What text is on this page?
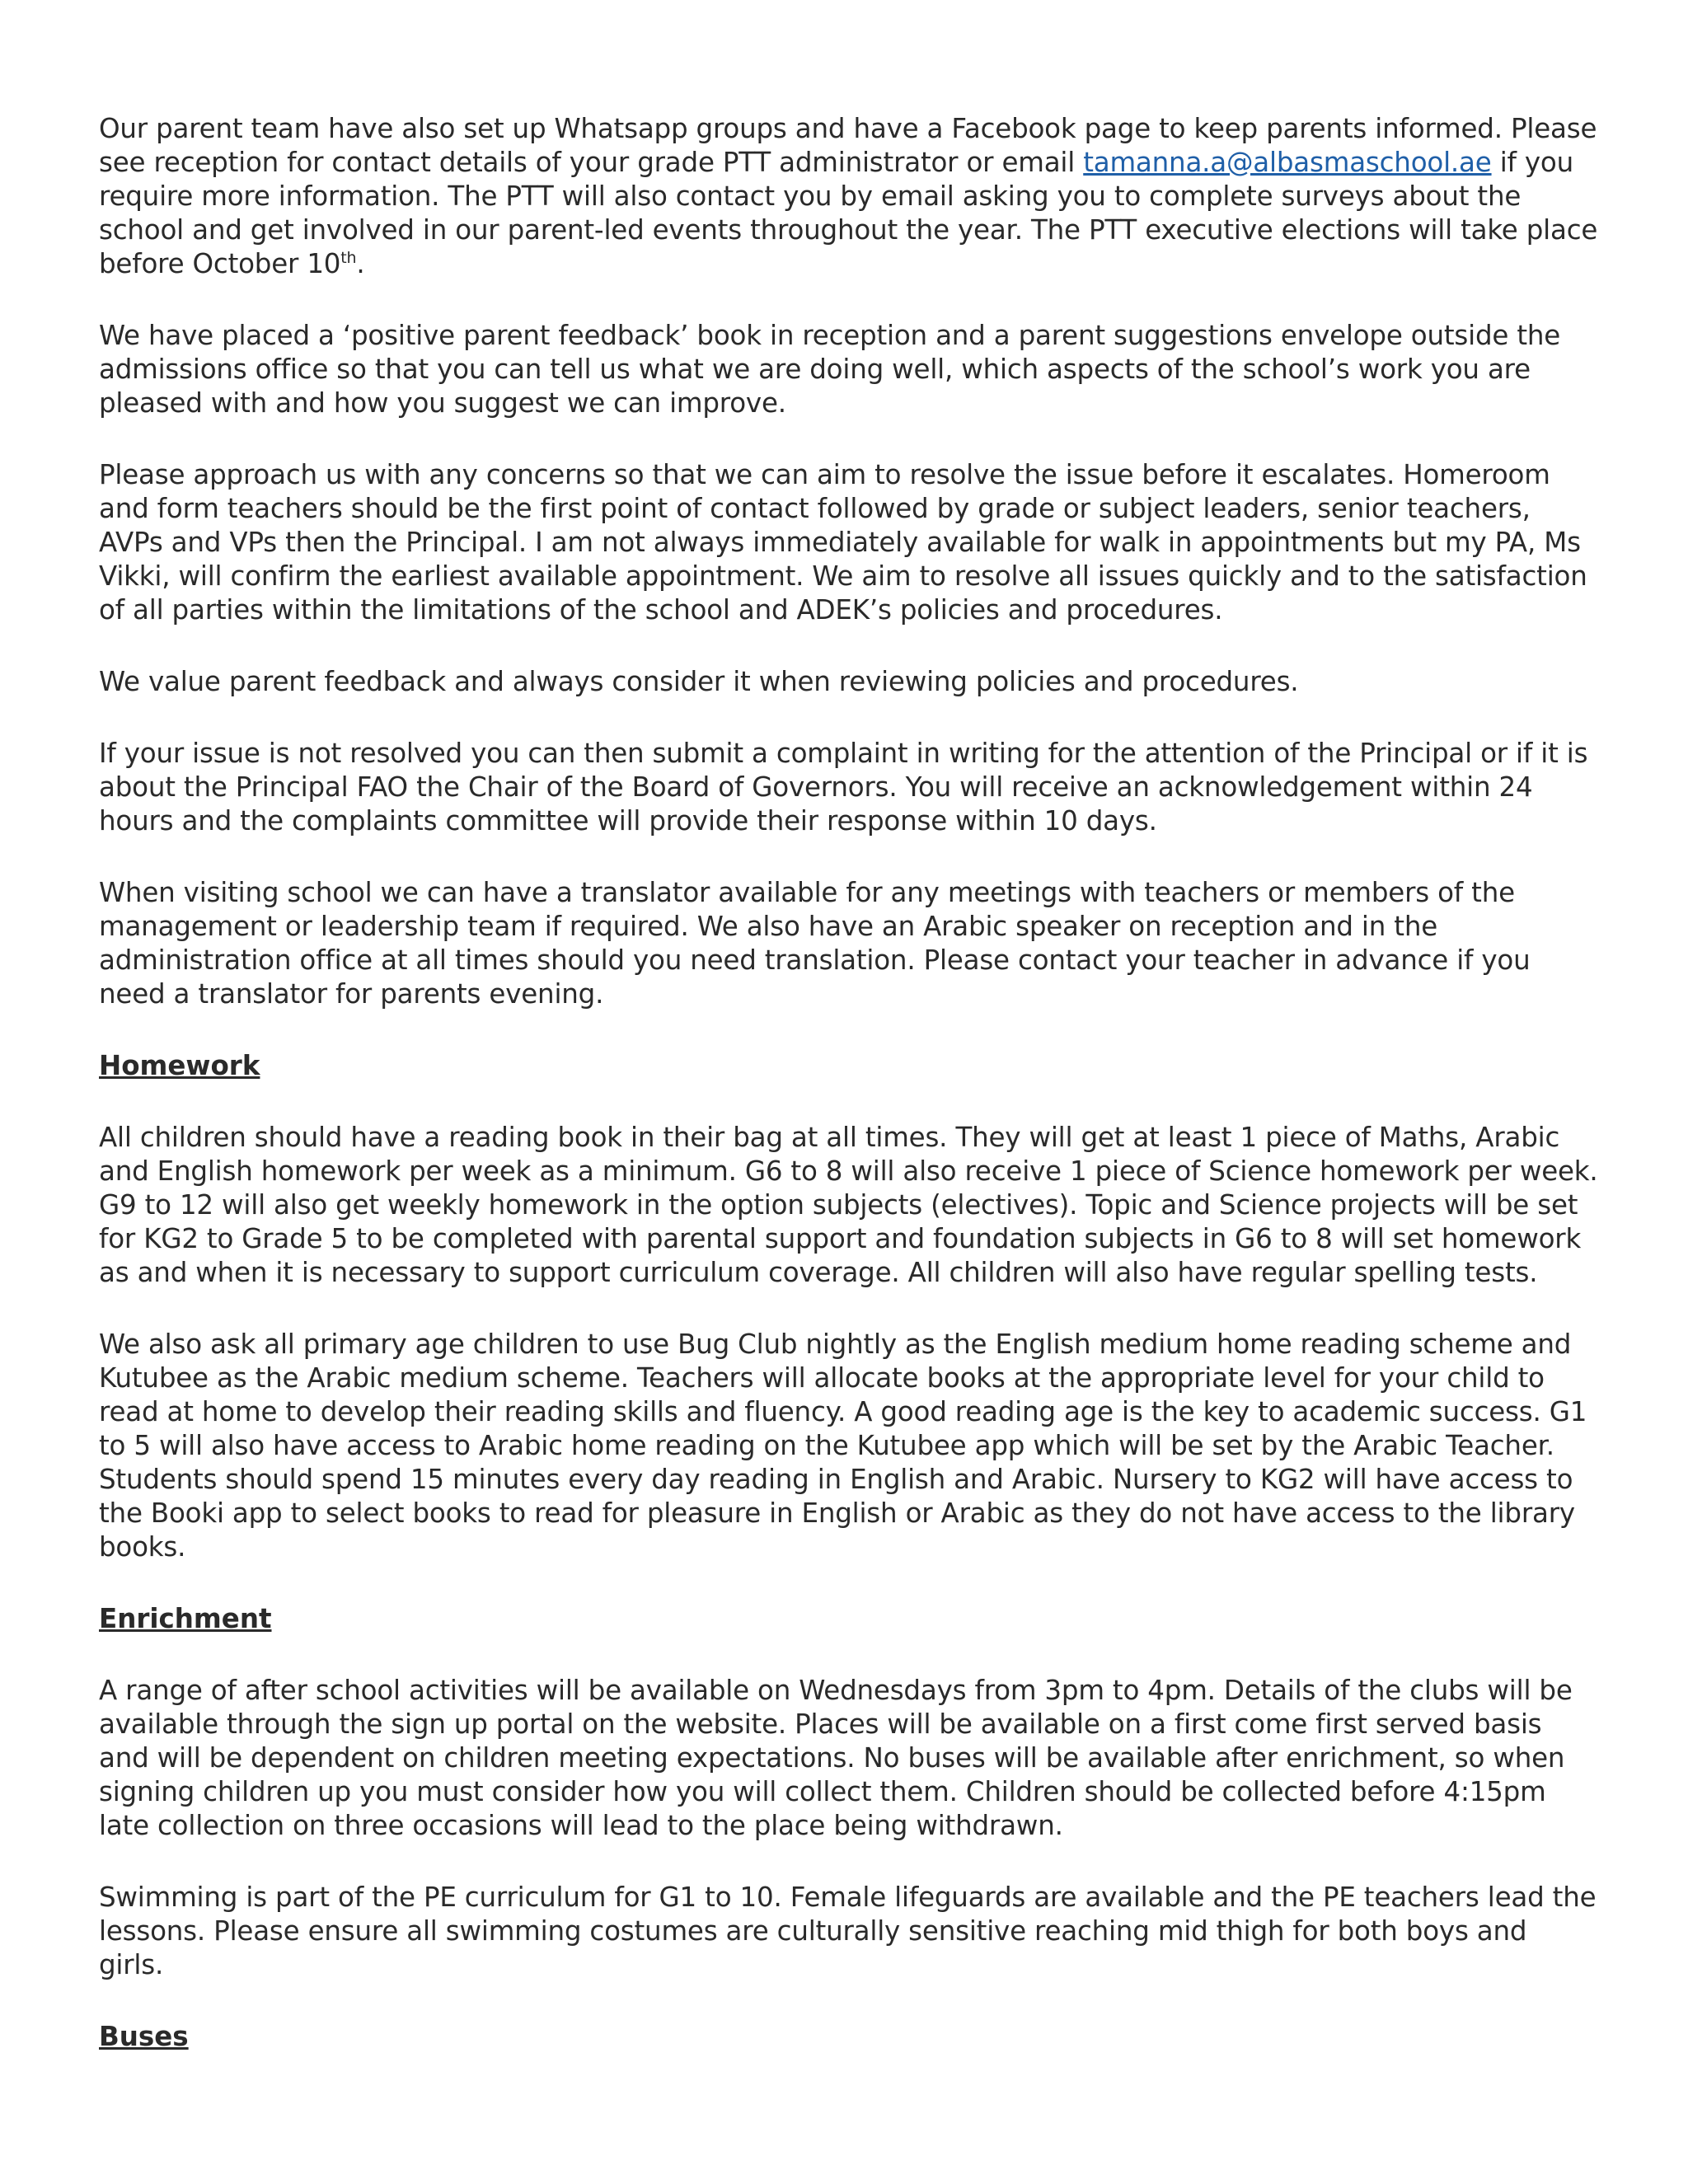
Our parent team have also set up Whatsapp groups and have a Facebook page to keep parents informed. Please see reception for contact details of your grade PTT administrator or email tamanna.a@albasmaschool.ae if you require more information. The PTT will also contact you by email asking you to complete surveys about the school and get involved in our parent-led events throughout the year. The PTT executive elections will take place before October 10th.

We have placed a ‘positive parent feedback’ book in reception and a parent suggestions envelope outside the admissions office so that you can tell us what we are doing well, which aspects of the school’s work you are pleased with and how you suggest we can improve.

Please approach us with any concerns so that we can aim to resolve the issue before it escalates. Homeroom and form teachers should be the first point of contact followed by grade or subject leaders, senior teachers, AVPs and VPs then the Principal. I am not always immediately available for walk in appointments but my PA, Ms Vikki, will confirm the earliest available appointment. We aim to resolve all issues quickly and to the satisfaction of all parties within the limitations of the school and ADEK’s policies and procedures.

We value parent feedback and always consider it when reviewing policies and procedures.

If your issue is not resolved you can then submit a complaint in writing for the attention of the Principal or if it is about the Principal FAO the Chair of the Board of Governors. You will receive an acknowledgement within 24 hours and the complaints committee will provide their response within 10 days.

When visiting school we can have a translator available for any meetings with teachers or members of the management or leadership team if required. We also have an Arabic speaker on reception and in the administration office at all times should you need translation. Please contact your teacher in advance if you need a translator for parents evening.

Homework

All children should have a reading book in their bag at all times. They will get at least 1 piece of Maths, Arabic and English homework per week as a minimum. G6 to 8 will also receive 1 piece of Science homework per week. G9 to 12 will also get weekly homework in the option subjects (electives). Topic and Science projects will be set for KG2 to Grade 5 to be completed with parental support and foundation subjects in G6 to 8 will set homework as and when it is necessary to support curriculum coverage. All children will also have regular spelling tests.

We also ask all primary age children to use Bug Club nightly as the English medium home reading scheme and Kutubee as the Arabic medium scheme. Teachers will allocate books at the appropriate level for your child to read at home to develop their reading skills and fluency. A good reading age is the key to academic success. G1 to 5 will also have access to Arabic home reading on the Kutubee app which will be set by the Arabic Teacher. Students should spend 15 minutes every day reading in English and Arabic. Nursery to KG2 will have access to the Booki app to select books to read for pleasure in English or Arabic as they do not have access to the library books.

Enrichment

A range of after school activities will be available on Wednesdays from 3pm to 4pm. Details of the clubs will be available through the sign up portal on the website. Places will be available on a first come first served basis and will be dependent on children meeting expectations. No buses will be available after enrichment, so when signing children up you must consider how you will collect them. Children should be collected before 4:15pm late collection on three occasions will lead to the place being withdrawn.

Swimming is part of the PE curriculum for G1 to 10. Female lifeguards are available and the PE teachers lead the lessons. Please ensure all swimming costumes are culturally sensitive reaching mid thigh for both boys and girls.

Buses
